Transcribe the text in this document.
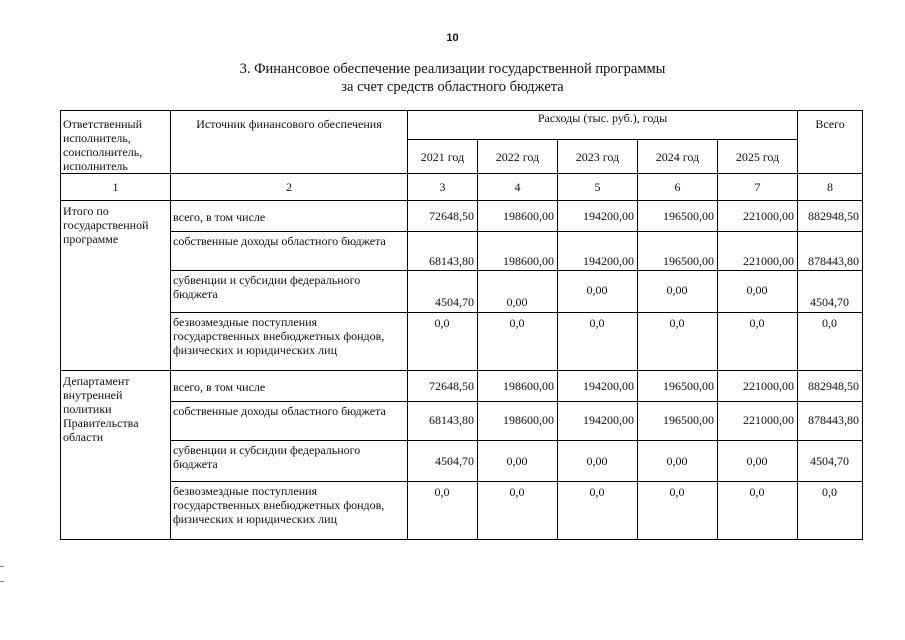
10
3. Финансовое обеспечение реализации государственной программы
за счет средств областного бюджета
Ответственный исполнитель, соисполнитель, исполнитель	Источник финансового обеспечения	Расходы (тыс. руб.), годы					Всего
		2021 год	2022 год	2023 год	2024 год	2025 год	
1	2	3	4	5	6	7	8
Итого по государственной программе	всего, в том числе	72648,50	198600,00	194200,00	196500,00	221000,00	882948,50
	собственные доходы областного бюджета	68143,80	198600,00	194200,00	196500,00	221000,00	878443,80
	субвенции и субсидии федерального бюджета	4504,70	0,00	0,00	0,00	0,00	4504,70
	безвозмездные поступления государственных внебюджетных фондов, физических и юридических лиц	0,0	0,0	0,0	0,0	0,0	0,0
Департамент внутренней политики Правительства области	всего, в том числе	72648,50	198600,00	194200,00	196500,00	221000,00	882948,50
	собственные доходы областного бюджета	68143,80	198600,00	194200,00	196500,00	221000,00	878443,80
	субвенции и субсидии федерального бюджета	4504,70	0,00	0,00	0,00	0,00	4504,70
	безвозмездные поступления государственных внебюджетных фондов, физических и юридических лиц	0,0	0,0	0,0	0,0	0,0	0,0
